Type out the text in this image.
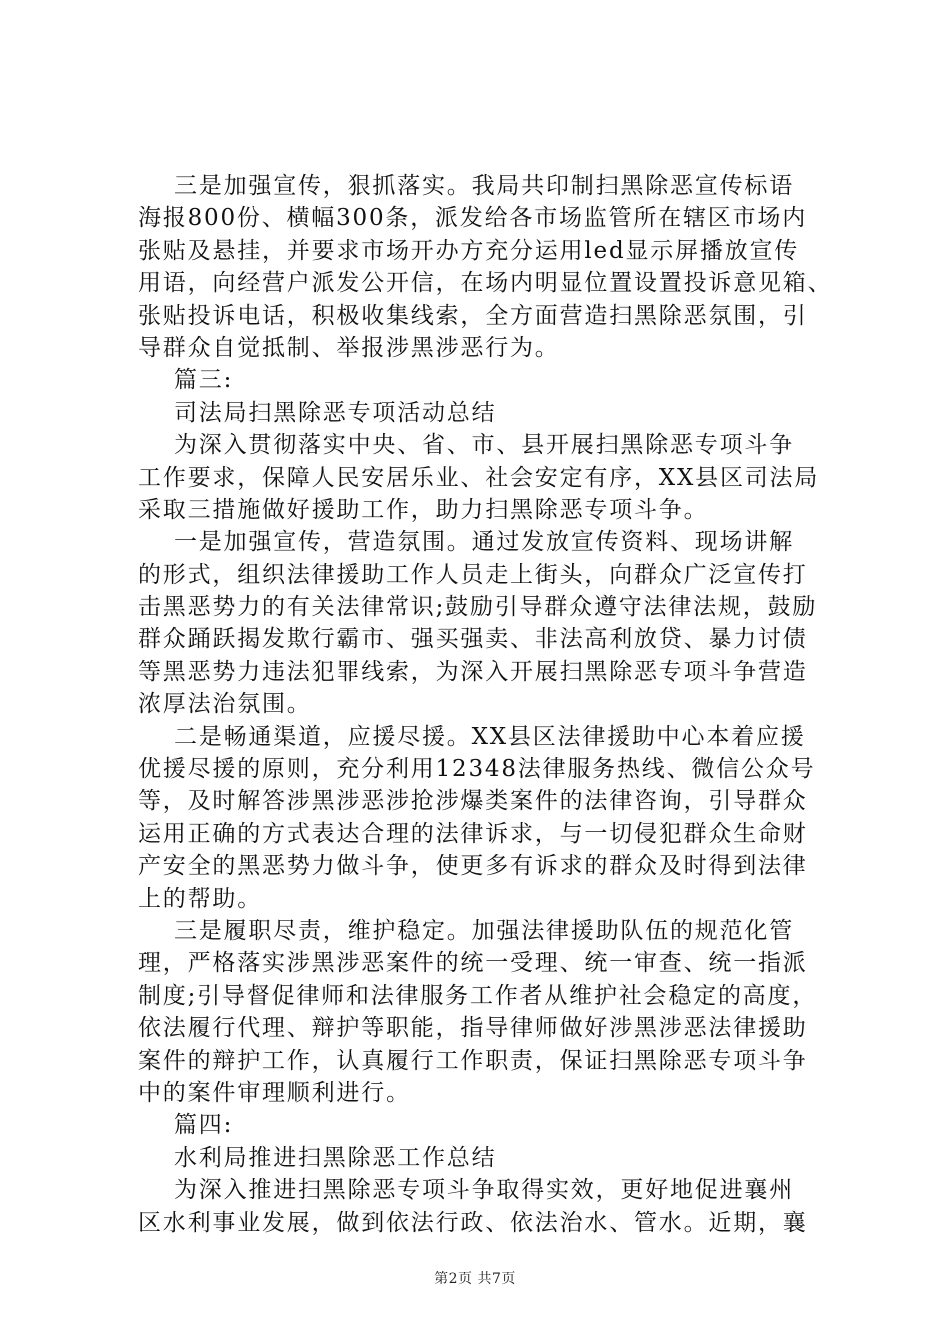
三是加强宣传，狠抓落实。我局共印制扫黑除恶宣传标语
海报800份、横幅300条，派发给各市场监管所在辖区市场内
张贴及悬挂，并要求市场开办方充分运用led显示屏播放宣传
用语，向经营户派发公开信，在场内明显位置设置投诉意见箱、
张贴投诉电话，积极收集线索，全方面营造扫黑除恶氛围，引
导群众自觉抵制、举报涉黑涉恶行为。
篇三:
司法局扫黑除恶专项活动总结
为深入贯彻落实中央、省、市、县开展扫黑除恶专项斗争
工作要求，保障人民安居乐业、社会安定有序，XX县区司法局
采取三措施做好援助工作，助力扫黑除恶专项斗争。
一是加强宣传，营造氛围。通过发放宣传资料、现场讲解
的形式，组织法律援助工作人员走上街头，向群众广泛宣传打
击黑恶势力的有关法律常识;鼓励引导群众遵守法律法规，鼓励
群众踊跃揭发欺行霸市、强买强卖、非法高利放贷、暴力讨债
等黑恶势力违法犯罪线索，为深入开展扫黑除恶专项斗争营造
浓厚法治氛围。
二是畅通渠道，应援尽援。XX县区法律援助中心本着应援
优援尽援的原则，充分利用12348法律服务热线、微信公众号
等，及时解答涉黑涉恶涉抢涉爆类案件的法律咨询，引导群众
运用正确的方式表达合理的法律诉求，与一切侵犯群众生命财
产安全的黑恶势力做斗争，使更多有诉求的群众及时得到法律
上的帮助。
三是履职尽责，维护稳定。加强法律援助队伍的规范化管
理，严格落实涉黑涉恶案件的统一受理、统一审查、统一指派
制度;引导督促律师和法律服务工作者从维护社会稳定的高度，
依法履行代理、辩护等职能，指导律师做好涉黑涉恶法律援助
案件的辩护工作，认真履行工作职责，保证扫黑除恶专项斗争
中的案件审理顺利进行。
篇四:
水利局推进扫黑除恶工作总结
为深入推进扫黑除恶专项斗争取得实效，更好地促进襄州
区水利事业发展，做到依法行政、依法治水、管水。近期，襄
第2页 共7页
